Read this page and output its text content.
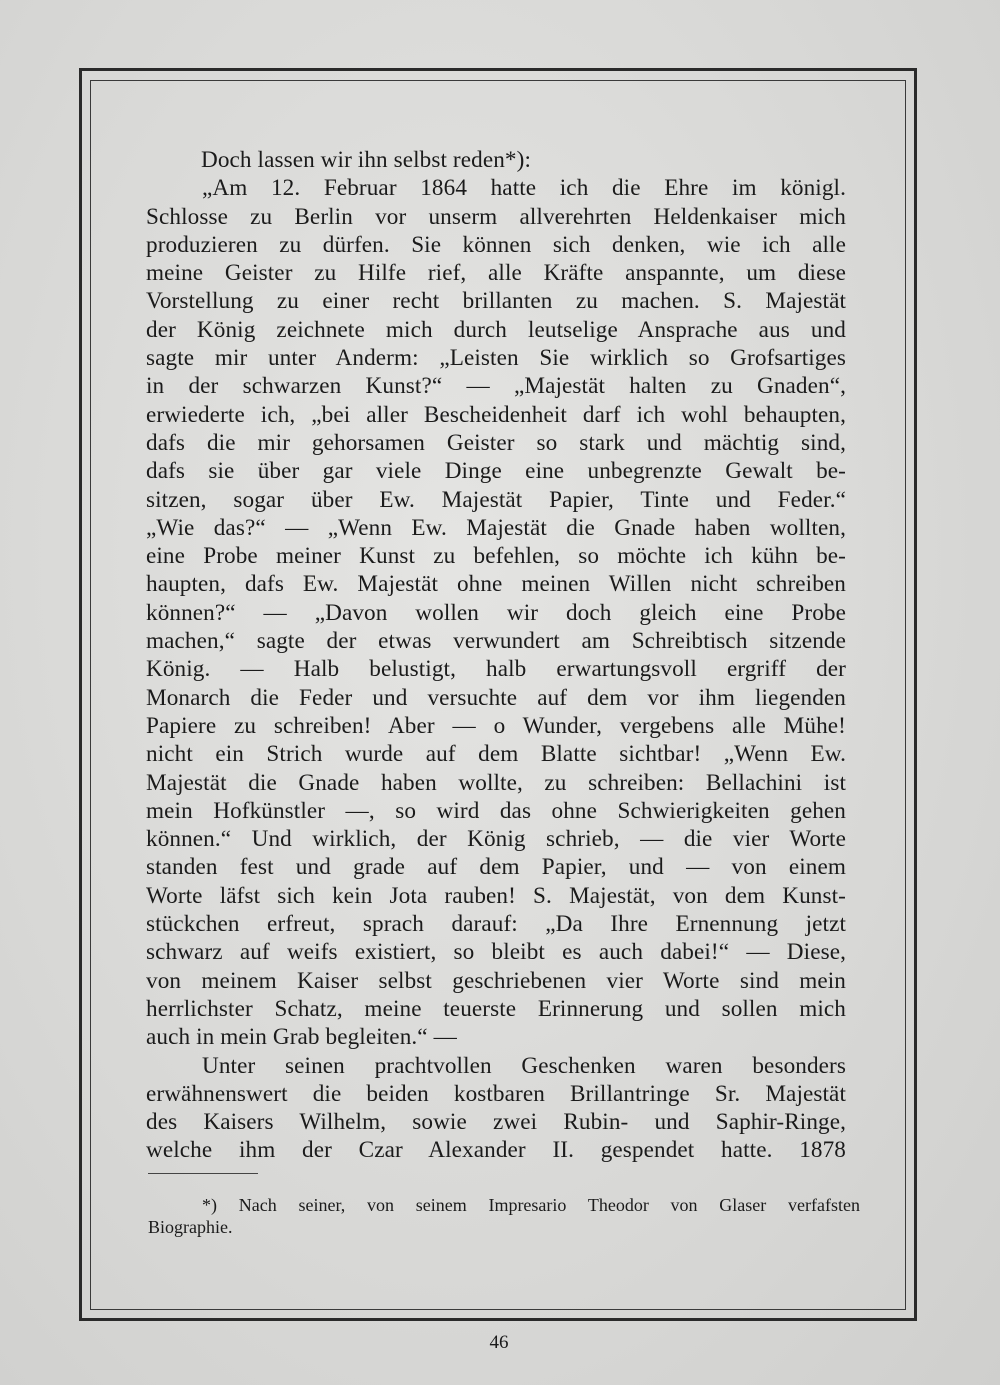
Doch lassen wir ihn selbst reden*):
„Am 12. Februar 1864 hatte ich die Ehre im königl.
Schlosse zu Berlin vor unserm allverehrten Heldenkaiser mich
produzieren zu dürfen. Sie können sich denken, wie ich alle
meine Geister zu Hilfe rief, alle Kräfte anspannte, um diese
Vorstellung zu einer recht brillanten zu machen. S. Majestät
der König zeichnete mich durch leutselige Ansprache aus und
sagte mir unter Anderm: „Leisten Sie wirklich so Grofsartiges
in der schwarzen Kunst?“ — „Majestät halten zu Gnaden“,
erwiederte ich, „bei aller Bescheidenheit darf ich wohl behaupten,
dafs die mir gehorsamen Geister so stark und mächtig sind,
dafs sie über gar viele Dinge eine unbegrenzte Gewalt be-
sitzen, sogar über Ew. Majestät Papier, Tinte und Feder.“
„Wie das?“ — „Wenn Ew. Majestät die Gnade haben wollten,
eine Probe meiner Kunst zu befehlen, so möchte ich kühn be-
haupten, dafs Ew. Majestät ohne meinen Willen nicht schreiben
können?“ — „Davon wollen wir doch gleich eine Probe
machen,“ sagte der etwas verwundert am Schreibtisch sitzende
König. — Halb belustigt, halb erwartungsvoll ergriff der
Monarch die Feder und versuchte auf dem vor ihm liegenden
Papiere zu schreiben! Aber — o Wunder, vergebens alle Mühe!
nicht ein Strich wurde auf dem Blatte sichtbar! „Wenn Ew.
Majestät die Gnade haben wollte, zu schreiben: Bellachini ist
mein Hofkünstler —, so wird das ohne Schwierigkeiten gehen
können.“ Und wirklich, der König schrieb, — die vier Worte
standen fest und grade auf dem Papier, und — von einem
Worte läfst sich kein Jota rauben! S. Majestät, von dem Kunst-
stückchen erfreut, sprach darauf: „Da Ihre Ernennung jetzt
schwarz auf weifs existiert, so bleibt es auch dabei!“ — Diese,
von meinem Kaiser selbst geschriebenen vier Worte sind mein
herrlichster Schatz, meine teuerste Erinnerung und sollen mich
auch in mein Grab begleiten.“ —
Unter seinen prachtvollen Geschenken waren besonders
erwähnenswert die beiden kostbaren Brillantringe Sr. Majestät
des Kaisers Wilhelm, sowie zwei Rubin- und Saphir-Ringe,
welche ihm der Czar Alexander II. gespendet hatte. 1878
*) Nach seiner, von seinem Impresario Theodor von Glaser verfafsten
Biographie.
46
